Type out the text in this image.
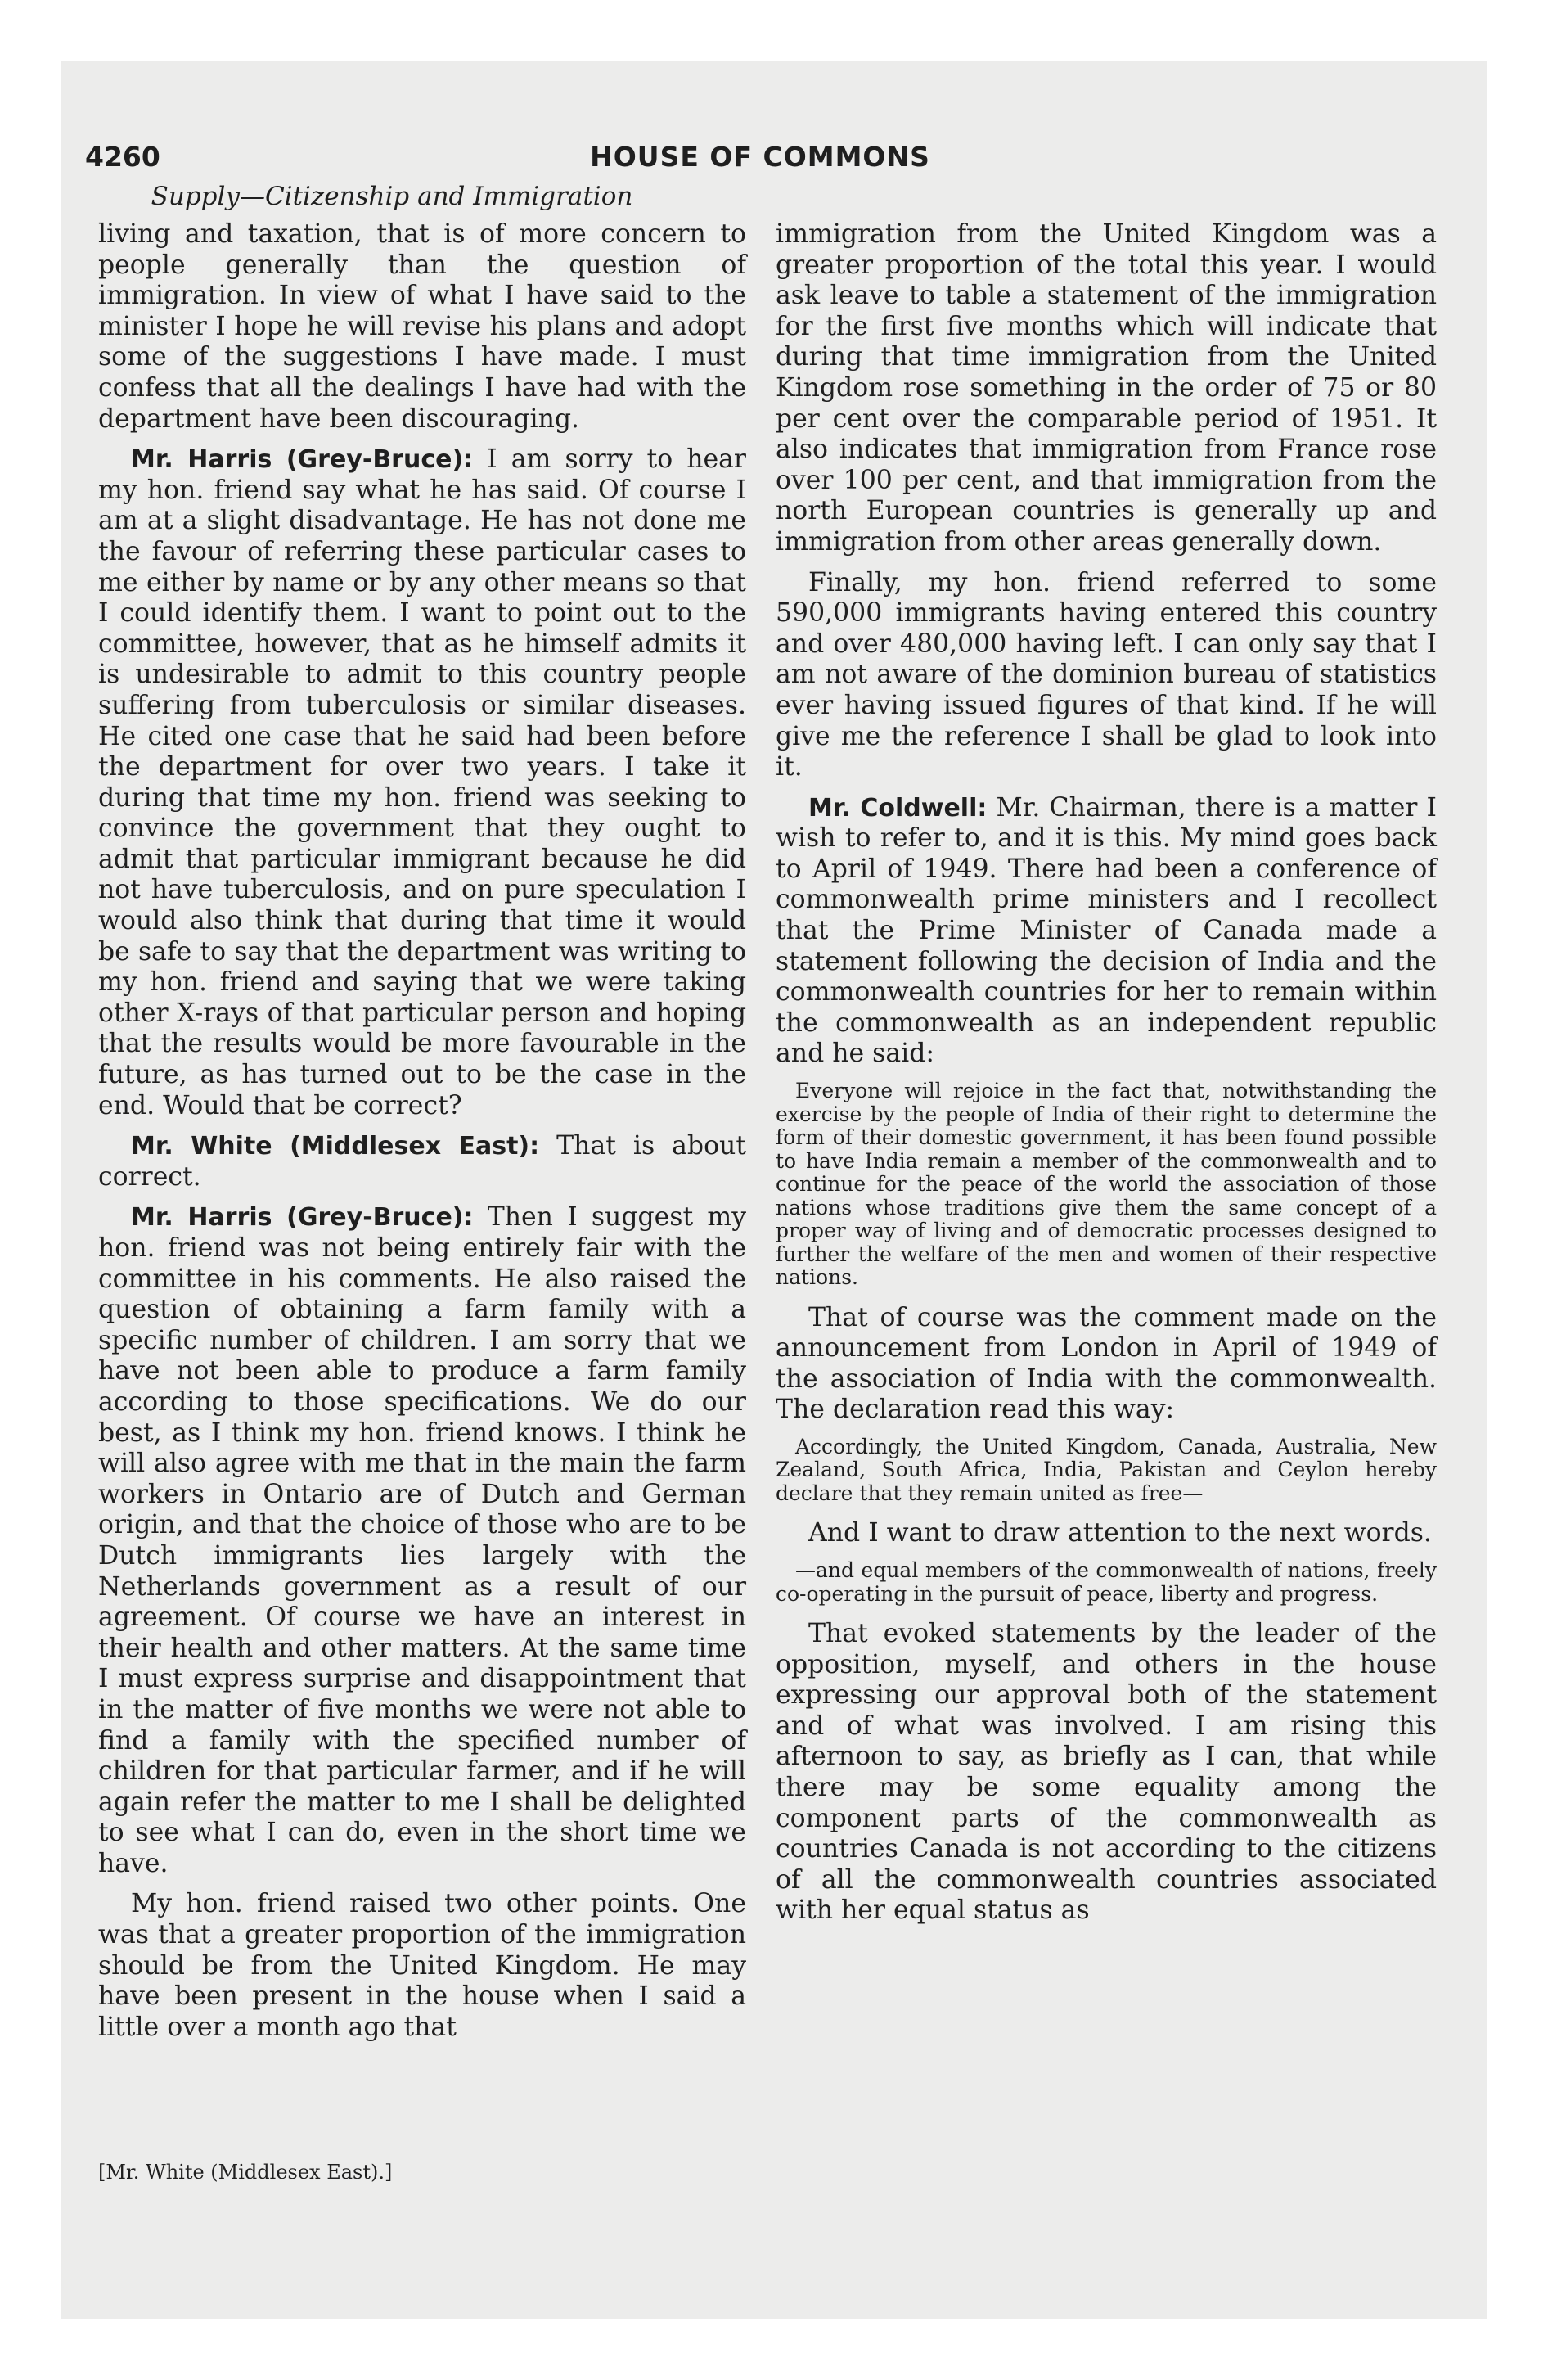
4260	HOUSE OF COMMONS
Supply—Citizenship and Immigration

living and taxation, that is of more concern to people generally than the question of immigration. In view of what I have said to the minister I hope he will revise his plans and adopt some of the suggestions I have made. I must confess that all the dealings I have had with the department have been discouraging.

Mr. Harris (Grey-Bruce): I am sorry to hear my hon. friend say what he has said. Of course I am at a slight disadvantage. He has not done me the favour of referring these particular cases to me either by name or by any other means so that I could identify them. I want to point out to the committee, however, that as he himself admits it is undesirable to admit to this country people suffering from tuberculosis or similar diseases. He cited one case that he said had been before the department for over two years. I take it during that time my hon. friend was seeking to convince the government that they ought to admit that particular immigrant because he did not have tuberculosis, and on pure speculation I would also think that during that time it would be safe to say that the department was writing to my hon. friend and saying that we were taking other X-rays of that particular person and hoping that the results would be more favourable in the future, as has turned out to be the case in the end. Would that be correct?

Mr. White (Middlesex East): That is about correct.

Mr. Harris (Grey-Bruce): Then I suggest my hon. friend was not being entirely fair with the committee in his comments. He also raised the question of obtaining a farm family with a specific number of children. I am sorry that we have not been able to produce a farm family according to those specifications. We do our best, as I think my hon. friend knows. I think he will also agree with me that in the main the farm workers in Ontario are of Dutch and German origin, and that the choice of those who are to be Dutch immigrants lies largely with the Netherlands government as a result of our agreement. Of course we have an interest in their health and other matters. At the same time I must express surprise and disappointment that in the matter of five months we were not able to find a family with the specified number of children for that particular farmer, and if he will again refer the matter to me I shall be delighted to see what I can do, even in the short time we have.

My hon. friend raised two other points. One was that a greater proportion of the immigration should be from the United Kingdom. He may have been present in the house when I said a little over a month ago that

[Mr. White (Middlesex East).]

immigration from the United Kingdom was a greater proportion of the total this year. I would ask leave to table a statement of the immigration for the first five months which will indicate that during that time immigration from the United Kingdom rose something in the order of 75 or 80 per cent over the comparable period of 1951. It also indicates that immigration from France rose over 100 per cent, and that immigration from the north European countries is generally up and immigration from other areas generally down.

Finally, my hon. friend referred to some 590,000 immigrants having entered this country and over 480,000 having left. I can only say that I am not aware of the dominion bureau of statistics ever having issued figures of that kind. If he will give me the reference I shall be glad to look into it.

Mr. Coldwell: Mr. Chairman, there is a matter I wish to refer to, and it is this. My mind goes back to April of 1949. There had been a conference of commonwealth prime ministers and I recollect that the Prime Minister of Canada made a statement following the decision of India and the commonwealth countries for her to remain within the commonwealth as an independent republic and he said:

Everyone will rejoice in the fact that, notwithstanding the exercise by the people of India of their right to determine the form of their domestic government, it has been found possible to have India remain a member of the commonwealth and to continue for the peace of the world the association of those nations whose traditions give them the same concept of a proper way of living and of democratic processes designed to further the welfare of the men and women of their respective nations.

That of course was the comment made on the announcement from London in April of 1949 of the association of India with the commonwealth. The declaration read this way:

Accordingly, the United Kingdom, Canada, Australia, New Zealand, South Africa, India, Pakistan and Ceylon hereby declare that they remain united as free—

And I want to draw attention to the next words.

—and equal members of the commonwealth of nations, freely co-operating in the pursuit of peace, liberty and progress.

That evoked statements by the leader of the opposition, myself, and others in the house expressing our approval both of the statement and of what was involved. I am rising this afternoon to say, as briefly as I can, that while there may be some equality among the component parts of the commonwealth as countries Canada is not according to the citizens of all the commonwealth countries associated with her equal status as
